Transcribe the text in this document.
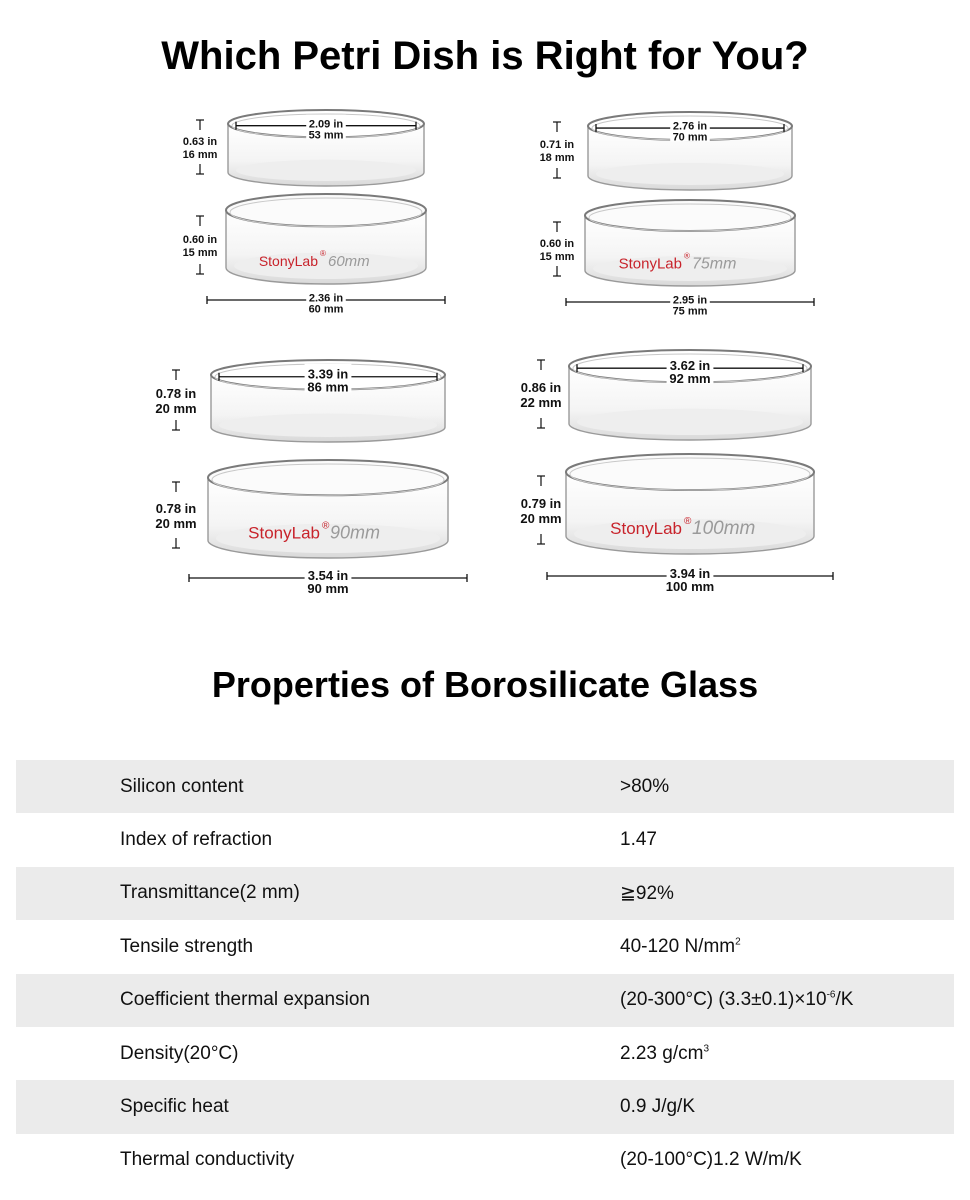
Which Petri Dish is Right for You?
2.09 in
53 mm
0.63 in
16 mm
StonyLab ® 60mm
0.60 in
15 mm
2.36 in
60 mm
2.76 in
70 mm
0.71 in
18 mm
StonyLab ® 75mm
0.60 in
15 mm
2.95 in
75 mm
3.39 in
86 mm
0.78 in
20 mm
StonyLab ® 90mm
0.78 in
20 mm
3.54 in
90 mm
3.62 in
92 mm
0.86 in
22 mm
StonyLab ® 100mm
0.79 in
20 mm
3.94 in
100 mm
Properties of Borosilicate Glass
Silicon content	>80%
Index of refraction	1.47
Transmittance(2 mm)	≧92%
Tensile strength	40-120 $N/mm^2$
Coefficient thermal expansion	(20-300°C) $(3.3\pm 0.1)\times 10^{-6}/K$
Density(20°C)	2.23 $g/cm^3$
Specific heat	0.9 J/g/K
Thermal conductivity	(20-100°C)1.2 W/m/K
